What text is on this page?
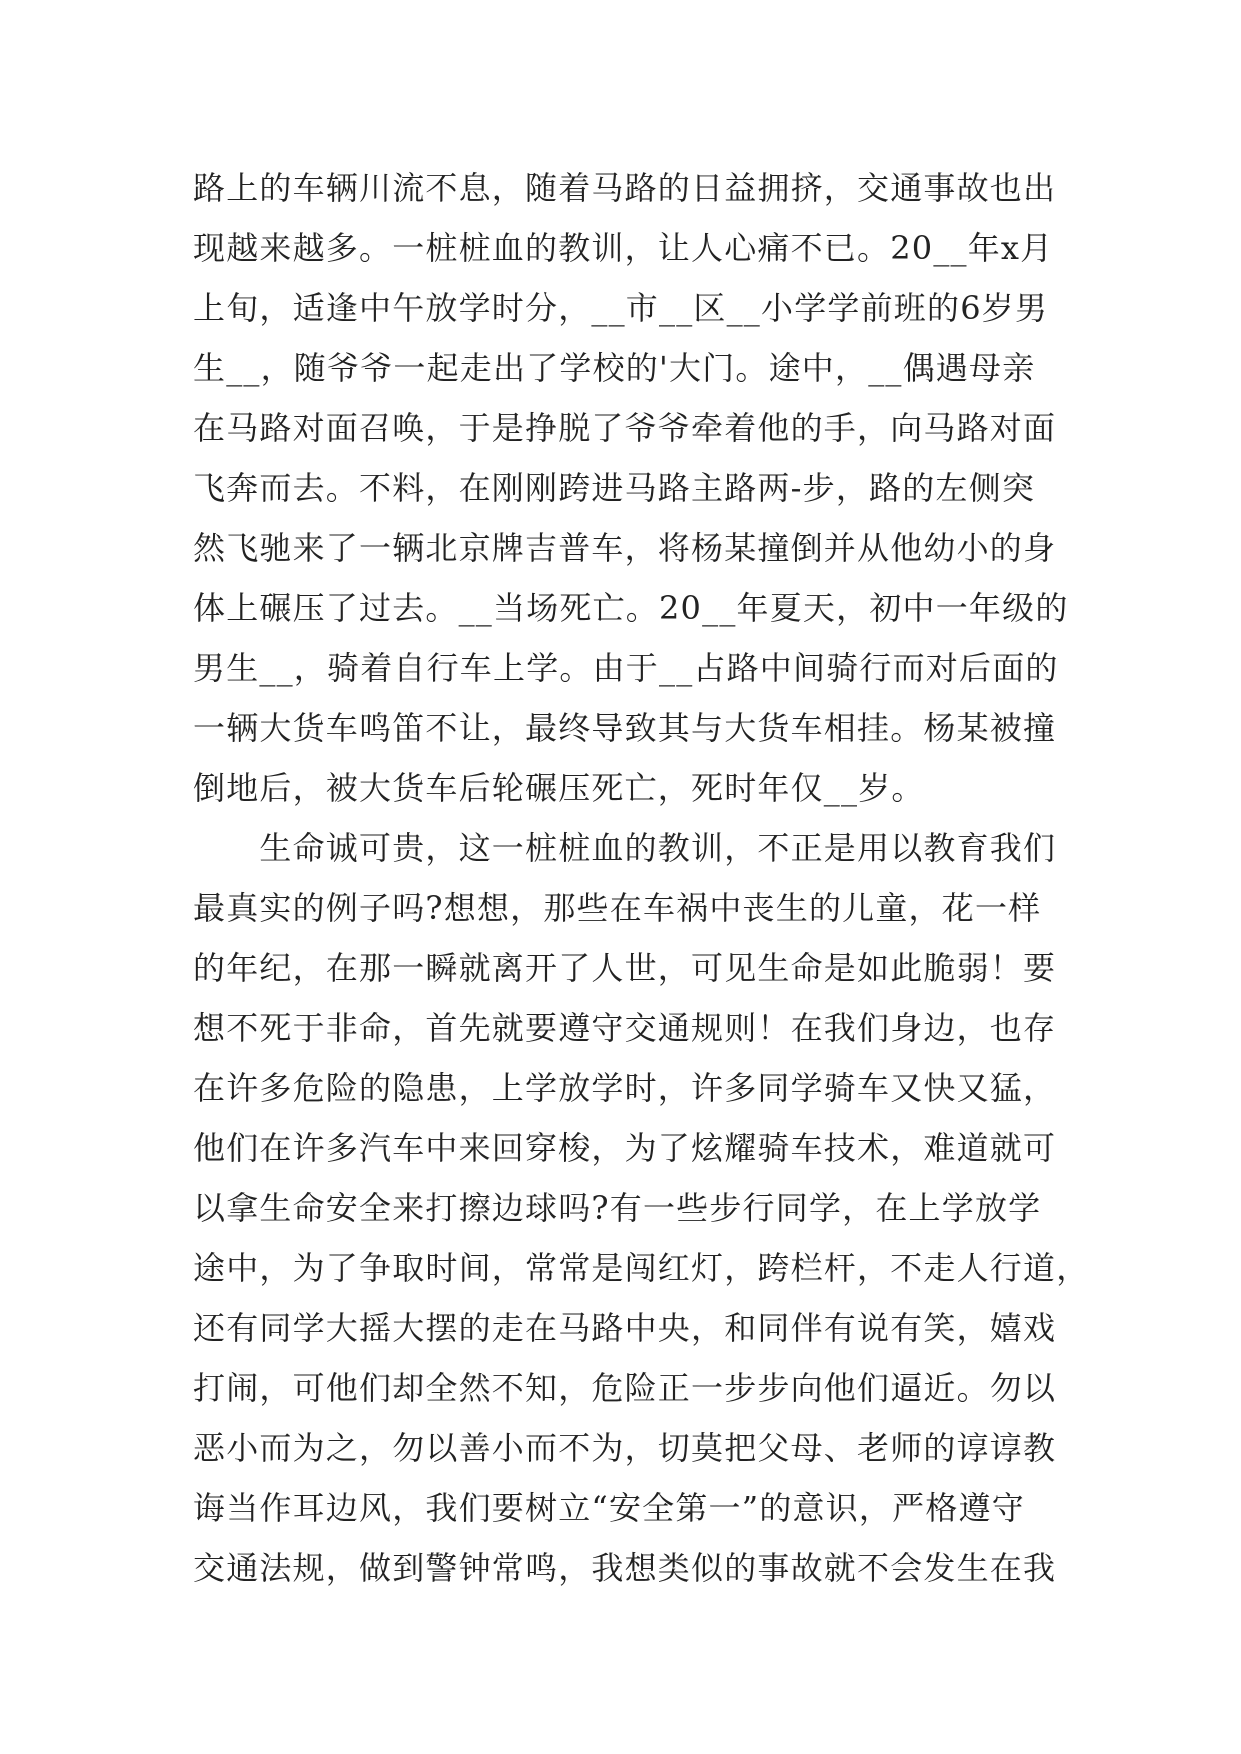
路上的车辆川流不息，随着马路的日益拥挤，交通事故也出
现越来越多。一桩桩血的教训，让人心痛不已。20__年x月
上旬，适逢中午放学时分，__市__区__小学学前班的6岁男
生__，随爷爷一起走出了学校的'大门。途中，__偶遇母亲
在马路对面召唤，于是挣脱了爷爷牵着他的手，向马路对面
飞奔而去。不料，在刚刚跨进马路主路两-步，路的左侧突
然飞驰来了一辆北京牌吉普车，将杨某撞倒并从他幼小的身
体上碾压了过去。__当场死亡。20__年夏天，初中一年级的
男生__，骑着自行车上学。由于__占路中间骑行而对后面的
一辆大货车鸣笛不让，最终导致其与大货车相挂。杨某被撞
倒地后，被大货车后轮碾压死亡，死时年仅__岁。
　　生命诚可贵，这一桩桩血的教训，不正是用以教育我们
最真实的例子吗?想想，那些在车祸中丧生的儿童，花一样
的年纪，在那一瞬就离开了人世，可见生命是如此脆弱！要
想不死于非命，首先就要遵守交通规则！在我们身边，也存
在许多危险的隐患，上学放学时，许多同学骑车又快又猛，
他们在许多汽车中来回穿梭，为了炫耀骑车技术，难道就可
以拿生命安全来打擦边球吗?有一些步行同学，在上学放学
途中，为了争取时间，常常是闯红灯，跨栏杆，不走人行道，
还有同学大摇大摆的走在马路中央，和同伴有说有笑，嬉戏
打闹，可他们却全然不知，危险正一步步向他们逼近。勿以
恶小而为之，勿以善小而不为，切莫把父母、老师的谆谆教
诲当作耳边风，我们要树立“安全第一”的意识，严格遵守
交通法规，做到警钟常鸣，我想类似的事故就不会发生在我
